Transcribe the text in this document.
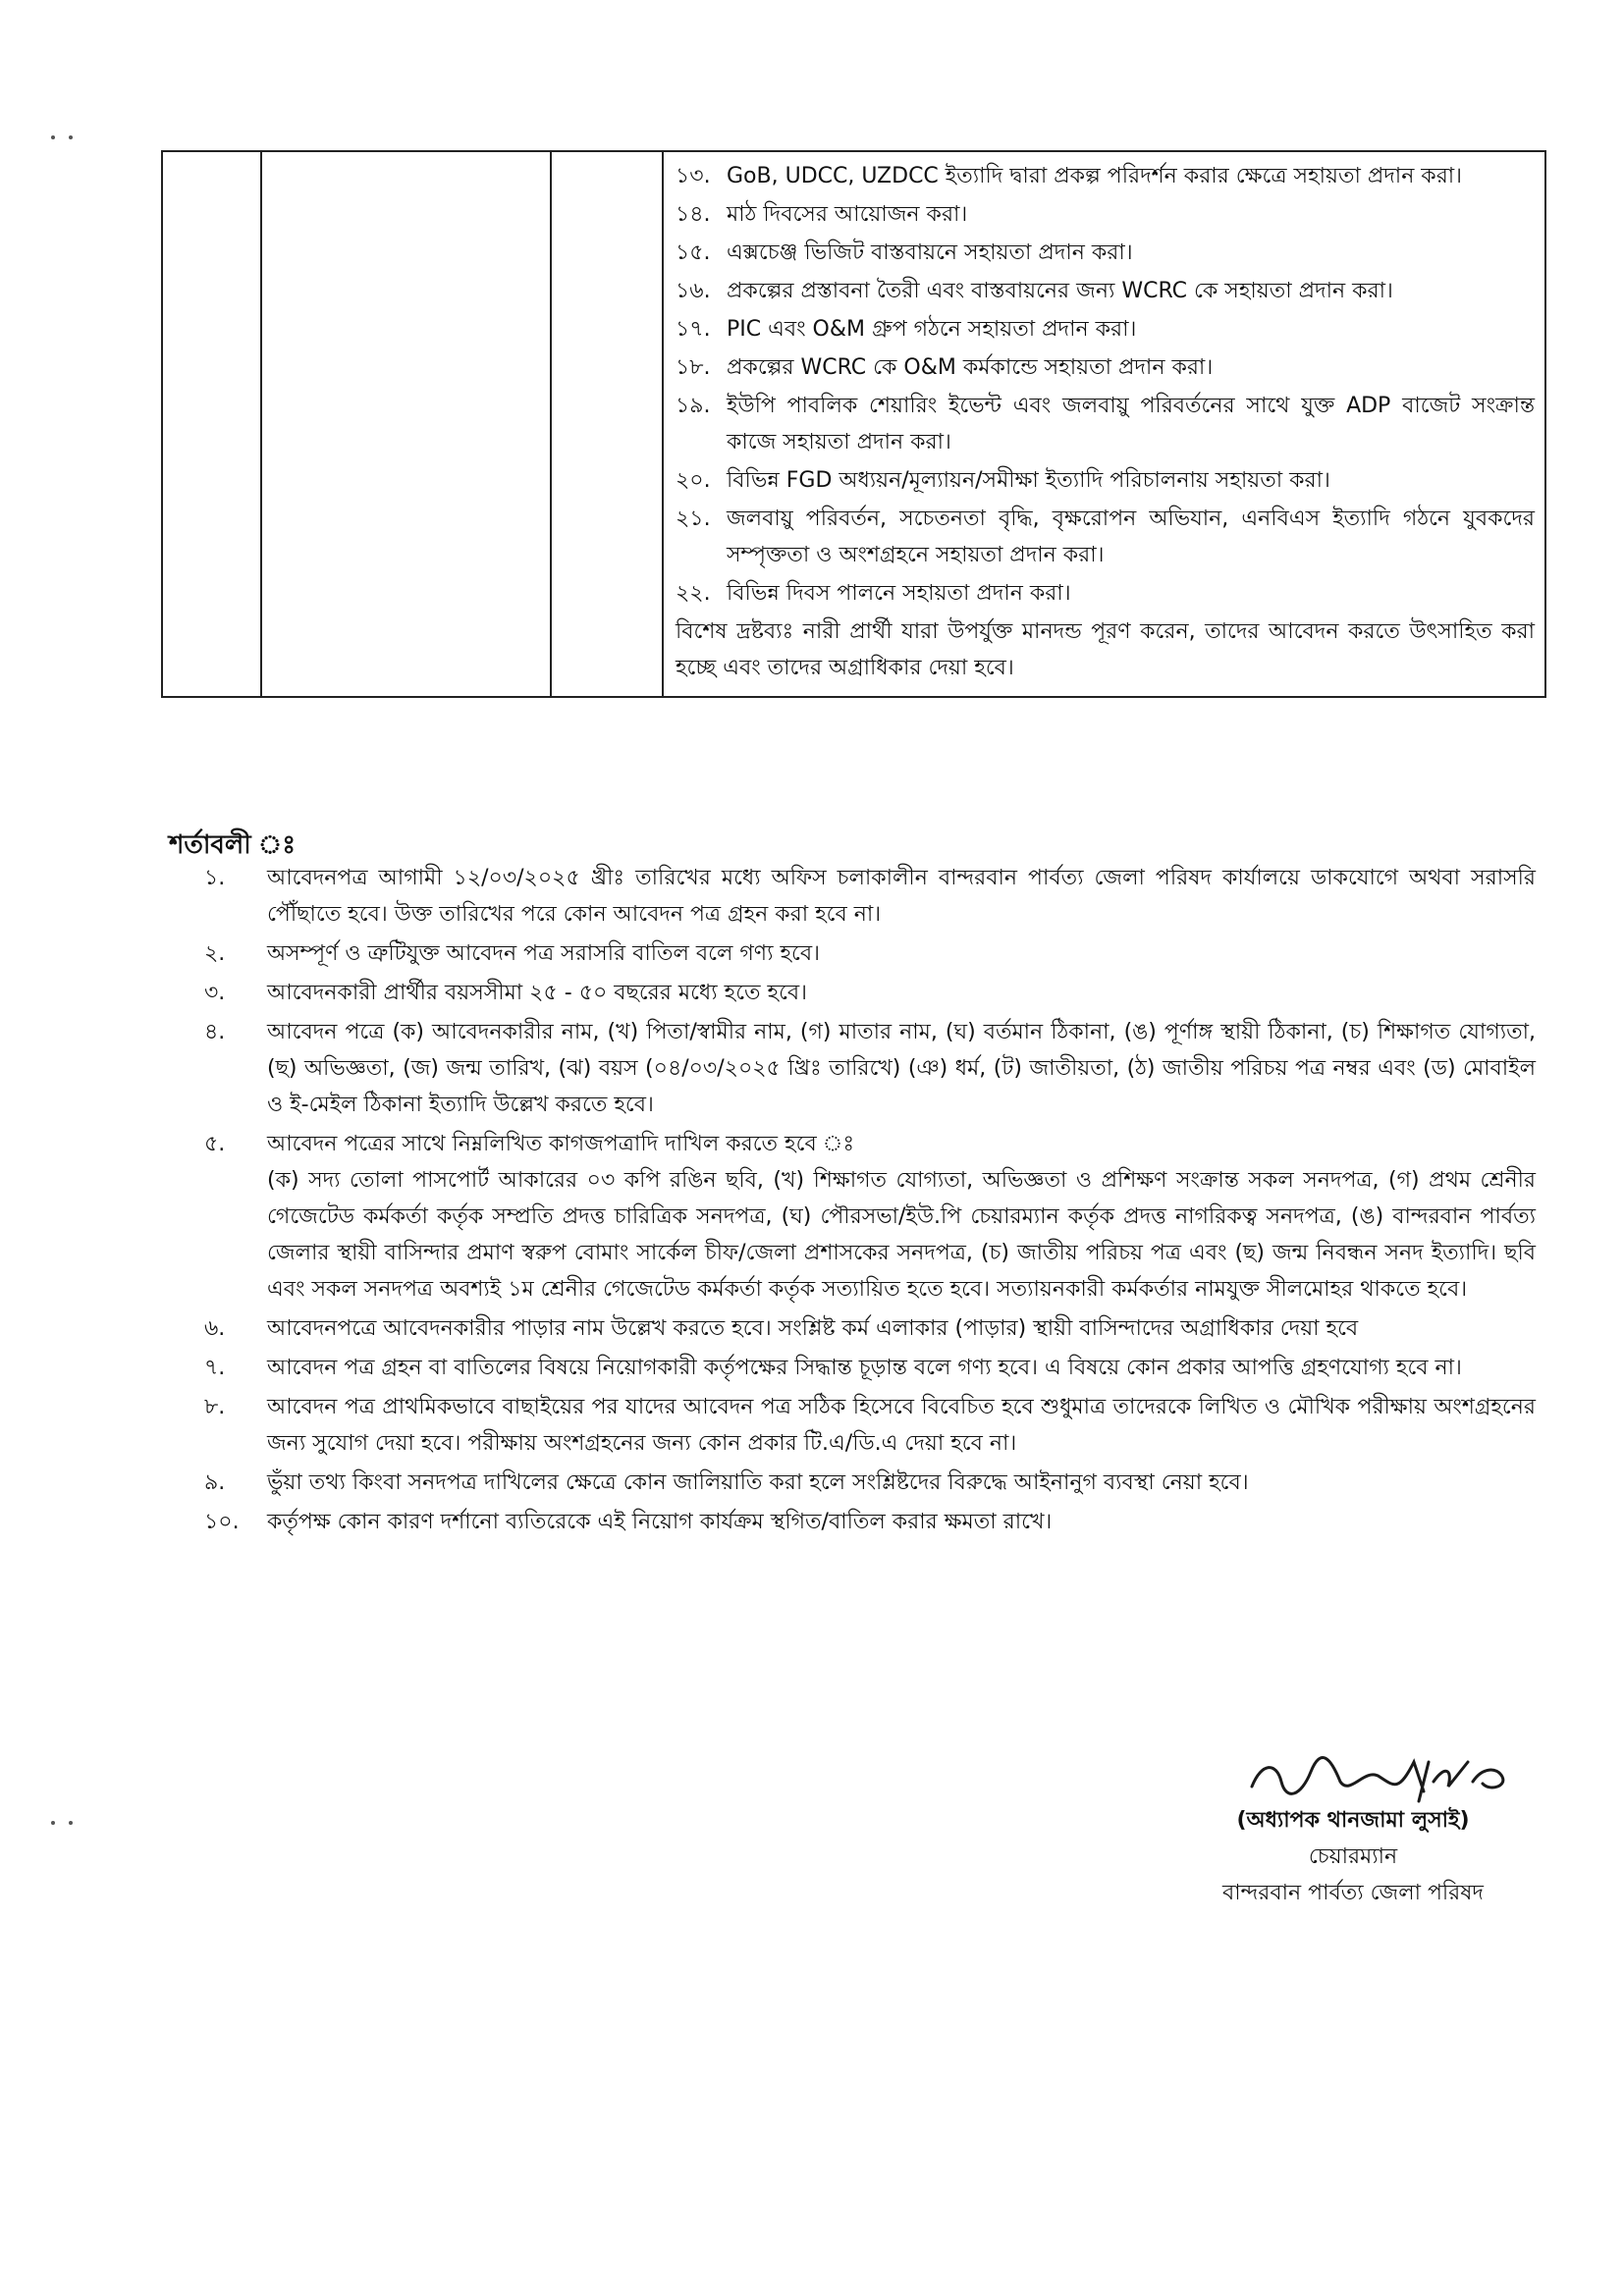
১৩. GoB, UDCC, UZDCC ইত্যাদি দ্বারা প্রকল্প পরিদর্শন করার ক্ষেত্রে সহায়তা প্রদান করা।
১৪. মাঠ দিবসের আয়োজন করা।
১৫. এক্সচেঞ্জ ভিজিট বাস্তবায়নে সহায়তা প্রদান করা।
১৬. প্রকল্পের প্রস্তাবনা তৈরী এবং বাস্তবায়নের জন্য WCRC কে সহায়তা প্রদান করা।
১৭. PIC এবং O&M গ্রুপ গঠনে সহায়তা প্রদান করা।
১৮. প্রকল্পের WCRC কে O&M কর্মকান্ডে সহায়তা প্রদান করা।
১৯. ইউপি পাবলিক শেয়ারিং ইভেন্ট এবং জলবায়ু পরিবর্তনের সাথে যুক্ত ADP বাজেট সংক্রান্ত কাজে সহায়তা প্রদান করা।
২০. বিভিন্ন FGD অধ্যয়ন/মূল্যায়ন/সমীক্ষা ইত্যাদি পরিচালনায় সহায়তা করা।
২১. জলবায়ু পরিবর্তন, সচেতনতা বৃদ্ধি, বৃক্ষরোপন অভিযান, এনবিএস ইত্যাদি গঠনে যুবকদের সম্পৃক্ততা ও অংশগ্রহনে সহায়তা প্রদান করা।
২২. বিভিন্ন দিবস পালনে সহায়তা প্রদান করা।
বিশেষ দ্রষ্টব্যঃ নারী প্রার্থী যারা উপর্যুক্ত মানদন্ড পূরণ করেন, তাদের আবেদন করতে উৎসাহিত করা হচ্ছে এবং তাদের অগ্রাধিকার দেয়া হবে।
শর্তাবলী ঃ
১. আবেদনপত্র আগামী ১২/০৩/২০২৫ খ্রীঃ তারিখের মধ্যে অফিস চলাকালীন বান্দরবান পার্বত্য জেলা পরিষদ কার্যালয়ে ডাকযোগে অথবা সরাসরি পৌঁছাতে হবে। উক্ত তারিখের পরে কোন আবেদন পত্র গ্রহন করা হবে না।
২. অসম্পূর্ণ ও ত্রুটিযুক্ত আবেদন পত্র সরাসরি বাতিল বলে গণ্য হবে।
৩. আবেদনকারী প্রার্থীর বয়সসীমা ২৫ - ৫০ বছরের মধ্যে হতে হবে।
৪. আবেদন পত্রে (ক) আবেদনকারীর নাম, (খ) পিতা/স্বামীর নাম, (গ) মাতার নাম, (ঘ) বর্তমান ঠিকানা, (ঙ) পূর্ণাঙ্গ স্থায়ী ঠিকানা, (চ) শিক্ষাগত যোগ্যতা, (ছ) অভিজ্ঞতা, (জ) জন্ম তারিখ, (ঝ) বয়স (০৪/০৩/২০২৫ খ্রিঃ তারিখে) (ঞ) ধর্ম, (ট) জাতীয়তা, (ঠ) জাতীয় পরিচয় পত্র নম্বর এবং (ড) মোবাইল ও ই-মেইল ঠিকানা ইত্যাদি উল্লেখ করতে হবে।
৫. আবেদন পত্রের সাথে নিম্নলিখিত কাগজপত্রাদি দাখিল করতে হবে ঃ
(ক) সদ্য তোলা পাসপোর্ট আকারের ০৩ কপি রঙিন ছবি, (খ) শিক্ষাগত যোগ্যতা, অভিজ্ঞতা ও প্রশিক্ষণ সংক্রান্ত সকল সনদপত্র, (গ) প্রথম শ্রেনীর গেজেটেড কর্মকর্তা কর্তৃক সম্প্রতি প্রদত্ত চারিত্রিক সনদপত্র, (ঘ) পৌরসভা/ইউ.পি চেয়ারম্যান কর্তৃক প্রদত্ত নাগরিকত্ব সনদপত্র, (ঙ) বান্দরবান পার্বত্য জেলার স্থায়ী বাসিন্দার প্রমাণ স্বরুপ বোমাং সার্কেল চীফ/জেলা প্রশাসকের সনদপত্র, (চ) জাতীয় পরিচয় পত্র এবং (ছ) জন্ম নিবন্ধন সনদ ইত্যাদি। ছবি এবং সকল সনদপত্র অবশ্যই ১ম শ্রেনীর গেজেটেড কর্মকর্তা কর্তৃক সত্যায়িত হতে হবে। সত্যায়নকারী কর্মকর্তার নামযুক্ত সীলমোহর থাকতে হবে।
৬. আবেদনপত্রে আবেদনকারীর পাড়ার নাম উল্লেখ করতে হবে। সংশ্লিষ্ট কর্ম এলাকার (পাড়ার) স্থায়ী বাসিন্দাদের অগ্রাধিকার দেয়া হবে
৭. আবেদন পত্র গ্রহন বা বাতিলের বিষয়ে নিয়োগকারী কর্তৃপক্ষের সিদ্ধান্ত চূড়ান্ত বলে গণ্য হবে। এ বিষয়ে কোন প্রকার আপত্তি গ্রহণযোগ্য হবে না।
৮. আবেদন পত্র প্রাথমিকভাবে বাছাইয়ের পর যাদের আবেদন পত্র সঠিক হিসেবে বিবেচিত হবে শুধুমাত্র তাদেরকে লিখিত ও মৌখিক পরীক্ষায় অংশগ্রহনের জন্য সুযোগ দেয়া হবে। পরীক্ষায় অংশগ্রহনের জন্য কোন প্রকার টি.এ/ডি.এ দেয়া হবে না।
৯. ভুঁয়া তথ্য কিংবা সনদপত্র দাখিলের ক্ষেত্রে কোন জালিয়াতি করা হলে সংশ্লিষ্টদের বিরুদ্ধে আইনানুগ ব্যবস্থা নেয়া হবে।
১০. কর্তৃপক্ষ কোন কারণ দর্শানো ব্যতিরেকে এই নিয়োগ কার্যক্রম স্থগিত/বাতিল করার ক্ষমতা রাখে।
(অধ্যাপক থানজামা লুসাই)
চেয়ারম্যান
বান্দরবান পার্বত্য জেলা পরিষদ
